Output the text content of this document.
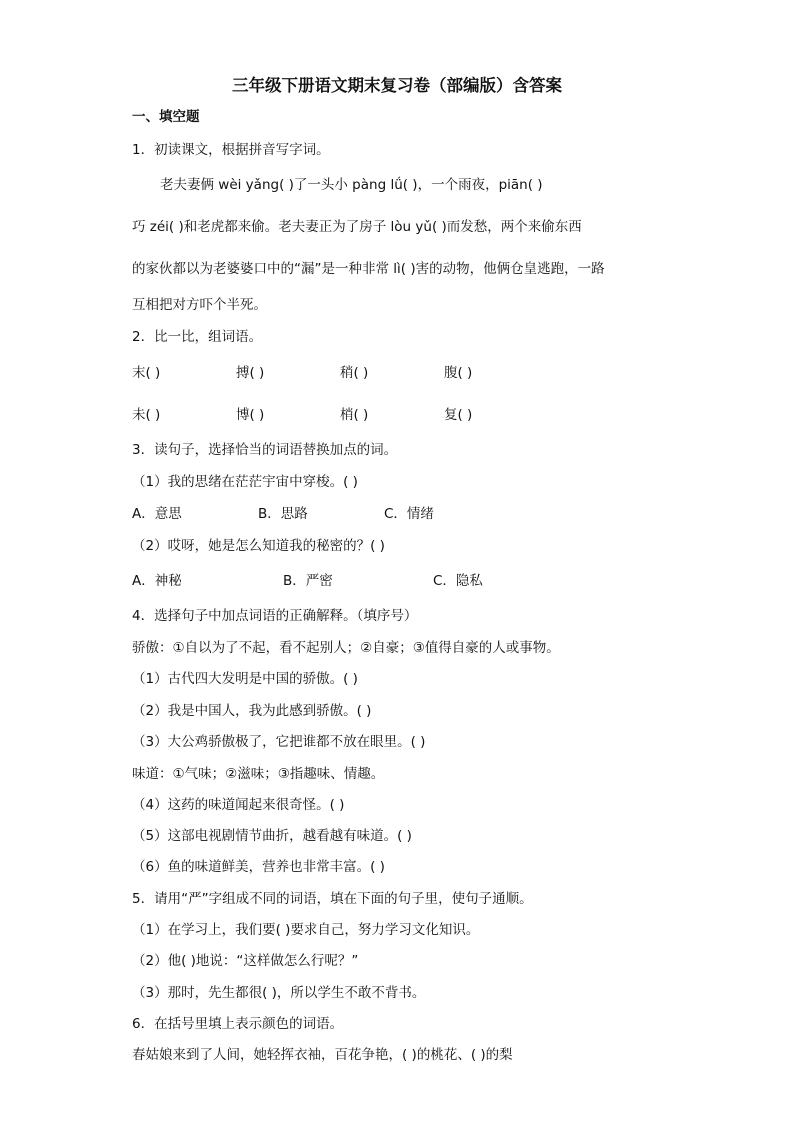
三年级下册语文期末复习卷（部编版）含答案
一、填空题
1．初读课文，根据拼音写字词。
老夫妻俩 wèi yǎng( )了一头小 pàng lǘ( )，一个雨夜，piān( )
巧 zéi( )和老虎都来偷。老夫妻正为了房子 lòu yǔ( )而发愁，两个来偷东西
的家伙都以为老婆婆口中的“漏”是一种非常 lì( )害的动物，他俩仓皇逃跑，一路
互相把对方吓个半死。
2．比一比，组词语。
末( )	搏( )	稍( )	腹( )
未( )	博( )	梢( )	复( )
3．读句子，选择恰当的词语替换加点的词。
（1）我的思绪在茫茫宇宙中穿梭。( )
A．意思	B．思路	C．情绪
（2）哎呀，她是怎么知道我的秘密的？( )
A．神秘	B．严密	C．隐私
4．选择句子中加点词语的正确解释。（填序号）
骄傲：①自以为了不起，看不起别人；②自豪；③值得自豪的人或事物。
（1）古代四大发明是中国的骄傲。( )
（2）我是中国人，我为此感到骄傲。( )
（3）大公鸡骄傲极了，它把谁都不放在眼里。( )
味道：①气味；②滋味；③指趣味、情趣。
（4）这药的味道闻起来很奇怪。( )
（5）这部电视剧情节曲折，越看越有味道。( )
（6）鱼的味道鲜美，营养也非常丰富。( )
5．请用“严”字组成不同的词语，填在下面的句子里，使句子通顺。
（1）在学习上，我们要( )要求自己，努力学习文化知识。
（2）他( )地说：“这样做怎么行呢？”
（3）那时，先生都很( )，所以学生不敢不背书。
6．在括号里填上表示颜色的词语。
春姑娘来到了人间，她轻挥衣袖，百花争艳，( )的桃花、( )的梨
